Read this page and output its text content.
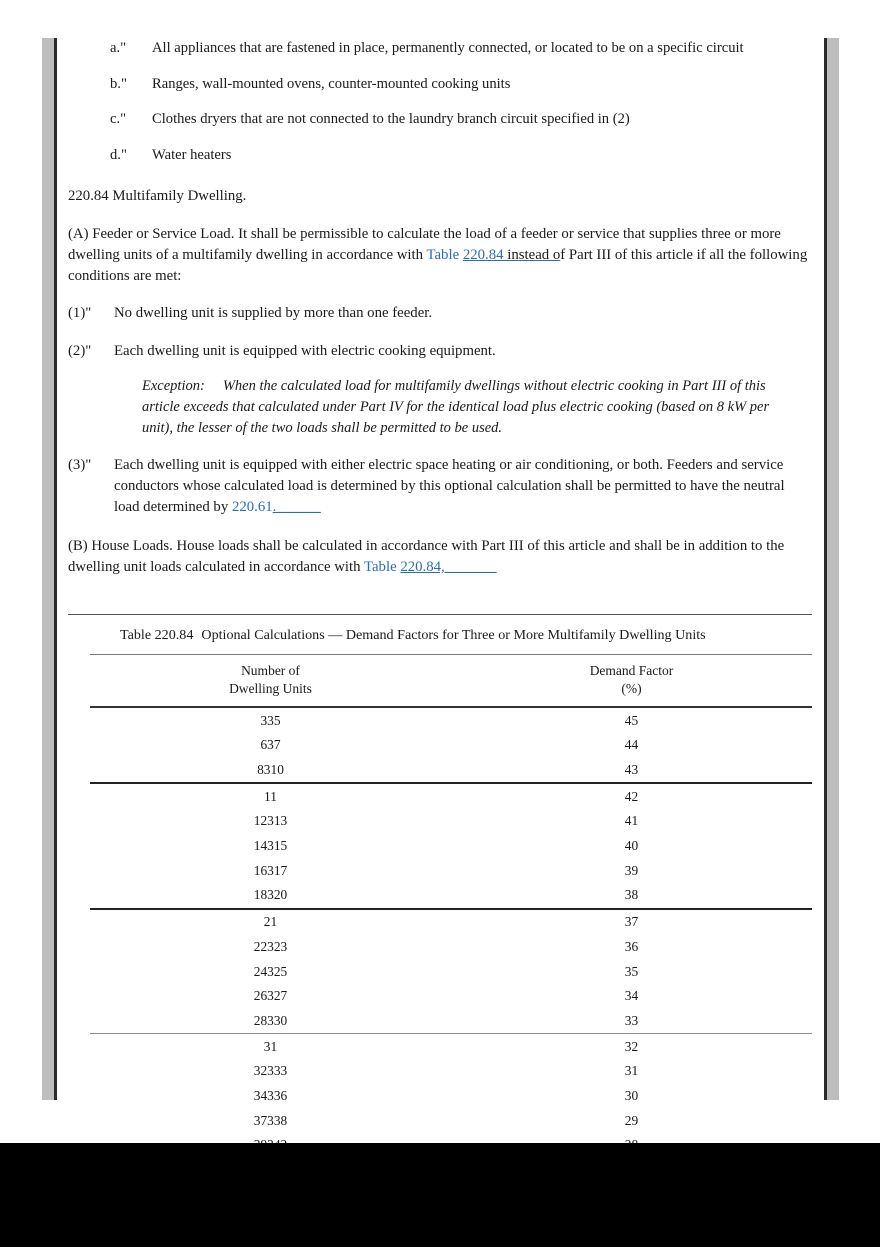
a."	All appliances that are fastened in place, permanently connected, or located to be on a specific circuit
b."	Ranges, wall-mounted ovens, counter-mounted cooking units
c."	Clothes dryers that are not connected to the laundry branch circuit specified in (2)
d."	Water heaters
220.84 Multifamily Dwelling.

(A) Feeder or Service Load. It shall be permissible to calculate the load of a feeder or service that supplies three or more dwelling units of a multifamily dwelling in accordance with Table 220.84 instead of Part III of this article if all the following conditions are met:

(1)"	No dwelling unit is supplied by more than one feeder.
(2)"	Each dwelling unit is equipped with electric cooking equipment.
Exception: When the calculated load for multifamily dwellings without electric cooking in Part III of this article exceeds that calculated under Part IV for the identical load plus electric cooking (based on 8 kW per unit), the lesser of the two loads shall be permitted to be used.
(3)"	Each dwelling unit is equipped with either electric space heating or air conditioning, or both. Feeders and service conductors whose calculated load is determined by this optional calculation shall be permitted to have the neutral load determined by 220.61.______

(B) House Loads. House loads shall be calculated in accordance with Part III of this article and shall be in addition to the dwelling unit loads calculated in accordance with Table 220.84,_______

Table 220.84 Optional Calculations — Demand Factors for Three or More Multifamily Dwelling Units
Number of
Dwelling Units	Demand Factor
(%)

335	45
637	44
8310	43
11	42
12313	41
14315	40
16317	39
18320	38
21	37
22323	36
24325	35
26327	34
28330	33
31	32
32333	31
34336	30
37338	29
